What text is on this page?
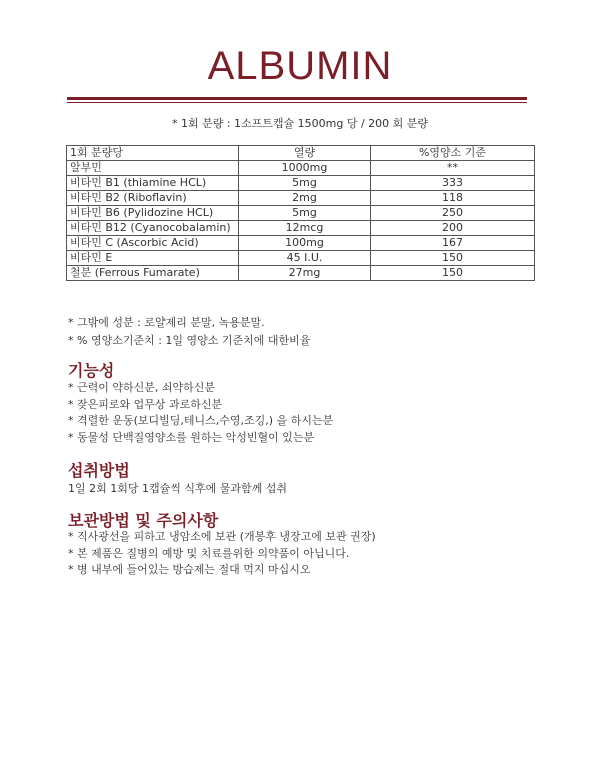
ALBUMIN
* 1회 분량 : 1소프트캡슐 1500mg 당 / 200 회 분량
1회 분량당	열량	%영양소 기준
알부민	1000mg	**
비타민 B1 (thiamine HCL)	5mg	333
비타민 B2 (Riboflavin)	2mg	118
비타민 B6 (Pylidozine HCL)	5mg	250
비타민 B12 (Cyanocobalamin)	12mcg	200
비타민 C (Ascorbic Acid)	100mg	167
비타민 E	45 I.U.	150
철분 (Ferrous Fumarate)	27mg	150
* 그밖에 성분 : 로얄제리 분말, 녹용분말.
* % 영양소기준치 : 1일 영양소 기준치에 대한비율
기능성
* 근력이 약하신분, 쇠약하신분
* 잦은피로와 업무상 과로하신분
* 격렬한 운동(보디빌딩,테니스,수영,조깅,) 을 하시는분
* 동물성 단백질영양소를 원하는 악성빈혈이 있는분
섭취방법
1일 2회 1회당 1캡슐씩 식후에 물과함께 섭취
보관방법 및 주의사항
* 직사광선을 피하고 냉암소에 보관 (개봉후 냉장고에 보관 권장)
* 본 제품은 질병의 예방 및 치료를위한 의약품이 아닙니다.
* 병 내부에 들어있는 방습제는 절대 먹지 마십시오
